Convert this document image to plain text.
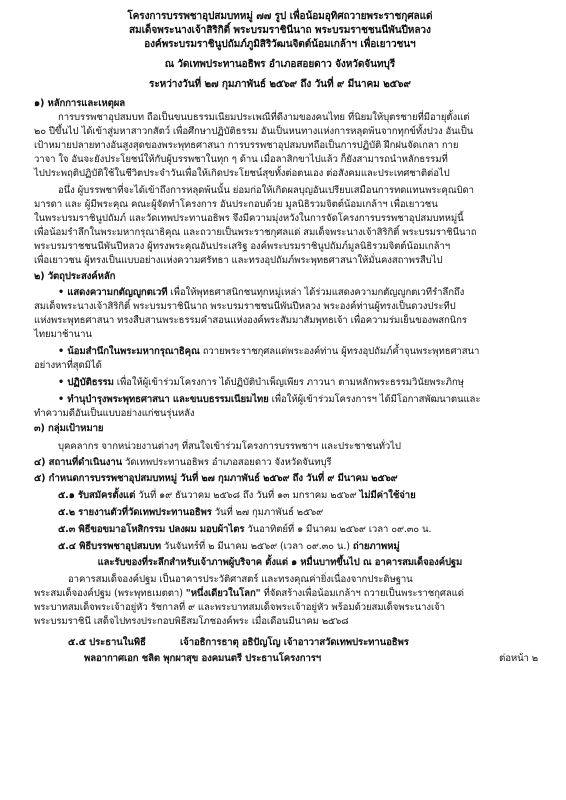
โครงการบรรพชาอุปสมบทหมู่ ๗๗ รูป เพื่อน้อมอุทิศถวายพระราชกุศลแด่
สมเด็จพระนางเจ้าสิริกิติ์ พระบรมราชินีนาถ พระบรมราชชนนีพันปีหลวง
องค์พระบรมราชินูปถัมภ์ภูมิสิริวัฒนจิตต์น้อมเกล้าฯ เพื่อเยาวชนฯ
ณ วัดเทพประทานอธิพร อำเภอสอยดาว จังหวัดจันทบุรี
ระหว่างวันที่ ๒๗ กุมภาพันธ์ ๒๕๖๙ ถึง วันที่ ๙ มีนาคม ๒๕๖๙
๑) หลักการและเหตุผล
การบรรพชาอุปสมบท ถือเป็นขนบธรรมเนียมประเพณีที่ดีงามของคนไทย ที่นิยมให้บุตรชายที่มีอายุตั้งแต่
๒๐ ปีขึ้นไป ได้เข้าสู่มหาสาวกสัตว์ เพื่อศึกษาปฏิบัติธรรม อันเป็นหนทางแห่งการหลุดพ้นจากทุกข์ทั้งปวง อันเป็น
เป้าหมายปลายทางอันสูงสุดของพระพุทธศาสนา การบรรพชาอุปสมบทถือเป็นการปฏิบัติ ฝึกฝนจัดเกลา กาย
วาจา ใจ อันจะยังประโยชน์ให้กับผู้บรรพชาในทุก ๆ ด้าน เมื่อลาสิกขาไปแล้ว ก็ยังสามารถนำหลักธรรมที่
ไปประพฤติปฏิบัติใช้ในชีวิตประจำวันเพื่อให้เกิดประโยชน์สุขทั้งต่อตนเอง ต่อสังคมและประเทศชาติต่อไป
อนึ่ง ผู้บรรพชาที่จะได้เข้าถึงการหลุดพ้นนั้น ย่อมก่อให้เกิดผลบุญอันเปรียบเสมือนการทดแทนพระคุณบิดา
มารดา และ ผู้มีพระคุณ คณะผู้จัดทำโครงการ อันประกอบด้วย มูลนิธิรวมจิตต์น้อมเกล้าฯ เพื่อเยาวชน
ในพระบรมราชินูปถัมภ์ และวัดเทพประทานอธิพร จึงมีความมุ่งหวังในการจัดโครงการบรรพชาอุปสมบทหมู่นี้
เพื่อน้อมรำลึกในพระมหากรุณาธิคุณ และถวายเป็นพระราชกุศลแด่ สมเด็จพระนางเจ้าสิริกิติ์ พระบรมราชินีนาถ
พระบรมราชชนนีพันปีหลวง ผู้ทรงพระคุณอันประเสริฐ องค์พระบรมราชินูปถัมภ์มูลนิธิรวมจิตต์น้อมเกล้าฯ
เพื่อเยาวชน ผู้ทรงเป็นแบบอย่างแห่งความศรัทธา และทรงอุปถัมภ์พระพุทธศาสนาให้มั่นคงสถาพรสืบไป
๒) วัตถุประสงค์หลัก
• แสดงความกตัญญูกตเวที เพื่อให้พุทธศาสนิกชนทุกหมู่เหล่า ได้ร่วมแสดงความกตัญญูกตเวทีรำลึกถึง
สมเด็จพระนางเจ้าสิริกิติ์ พระบรมราชินีนาถ พระบรมราชชนนีพันปีหลวง พระองค์ท่านผู้ทรงเป็นดวงประทีป
แห่งพระพุทธศาสนา ทรงสืบสานพระธรรมคำสอนแห่งองค์พระสัมมาสัมพุทธเจ้า เพื่อความร่มเย็นของพสกนิกร
ไทยมาช้านาน
• น้อมสำนึกในพระมหากรุณาธิคุณ ถวายพระราชกุศลแด่พระองค์ท่าน ผู้ทรงอุปถัมภ์ค้ำจุนพระพุทธศาสนา
อย่างหาที่สุดมิได้
• ปฏิบัติธรรม เพื่อให้ผู้เข้าร่วมโครงการ ได้ปฏิบัติบำเพ็ญเพียร ภาวนา ตามหลักพระธรรมวินัยพระภิกษุ
• ทำนุบำรุงพระพุทธศาสนา และขนบธรรมเนียมไทย เพื่อให้ผู้เข้าร่วมโครงการฯ ได้มีโอกาสพัฒนาตนและ
ทำความดีอันเป็นแบบอย่างแก่ชนรุ่นหลัง
๓) กลุ่มเป้าหมาย
บุคคลากร จากหน่วยงานต่างๆ ที่สนใจเข้าร่วมโครงการบรรพชาฯ และประชาชนทั่วไป
๔) สถานที่ดำเนินงาน วัดเทพประทานอธิพร อำเภอสอยดาว จังหวัดจันทบุรี
๕) กำหนดการบรรพชาอุปสมบทหมู่ วันที่ ๒๗ กุมภาพันธ์ ๒๕๖๙ ถึง วันที่ ๙ มีนาคม ๒๕๖๙
๕.๑ รับสมัครตั้งแต่ วันที่ ๑๙ ธันวาคม ๒๕๖๘ ถึง วันที่ ๑๓ มกราคม ๒๕๖๙ ไม่มีค่าใช้จ่าย
๕.๒ รายงานตัวที่วัดเทพประทานอธิพร วันที่ ๒๗ กุมภาพันธ์ ๒๕๖๙
๕.๓ พิธีขอขมาอโหสิกรรม ปลงผม มอบผ้าไตร วันอาทิตย์ที่ ๑ มีนาคม ๒๕๖๙ เวลา ๐๙.๓๐ น.
๕.๔ พิธีบรรพชาอุปสมบท วันจันทร์ที่ ๒ มีนาคม ๒๕๖๙ (เวลา ๐๙.๓๐ น.) ถ่ายภาพหมู่
และรับของที่ระลึกสำหรับเจ้าภาพผู้บริจาค ตั้งแต่ ๑ หมื่นบาทขึ้นไป ณ อาคารสมเด็จองค์ปฐม
อาคารสมเด็จองค์ปฐม เป็นอาคารประวัติศาสตร์ และทรงคุณค่ายิ่งเนื่องจากประดิษฐาน
พระสมเด็จองค์ปฐม (พระพุทธเมตตา) "หนึ่งเดียวในโลก" ที่จัดสร้างเพื่อน้อมเกล้าฯ ถวายเป็นพระราชกุศลแด่
พระบาทสมเด็จพระเจ้าอยู่หัว รัชกาลที่ ๙ และพระบาทสมเด็จพระเจ้าอยู่หัว พร้อมด้วยสมเด็จพระนางเจ้า
พระบรมราชินี เสด็จไปทรงประกอบพิธีสมโภชองค์พระ เมื่อเดือนมีนาคม ๒๕๖๘
๕.๕ ประธานในพิธี	เจ้าอธิการธาตุ อธิปัญโญ เจ้าอาวาสวัดเทพประทานอธิพร
พลอากาศเอก ชลิต พุกผาสุข องคมนตรี ประธานโครงการฯ	ต่อหน้า ๒
